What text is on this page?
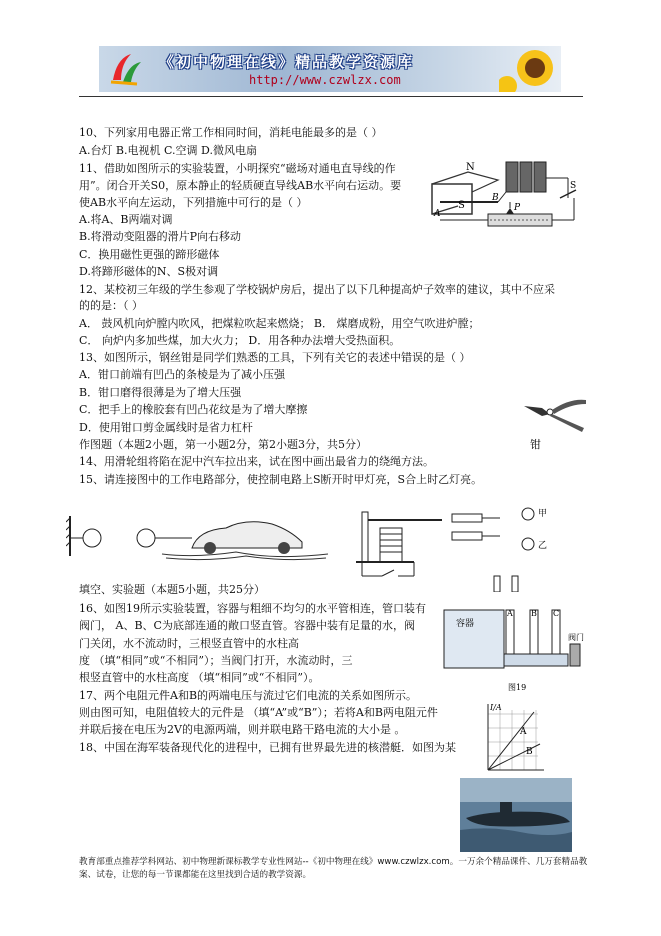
《初中物理在线》精品教学资源库
http://www.czwlzx.com
10、下列家用电器正常工作相同时间，消耗电能最多的是（ ）
A.台灯 B.电视机 C.空调 D.微风电扇
11、借助如图所示的实验装置，小明探究“磁场对通电直导线的作
用”。闭合开关S0，原本静止的轻质硬直导线AB水平向右运动。要
使AB水平向左运动，下列措施中可行的是（ ）
A.将A、B两端对调
B.将滑动变阻器的滑片P向右移动
C．换用磁性更强的蹄形磁体
D.将蹄形磁体的N、S极对调
12、某校初三年级的学生参观了学校锅炉房后，提出了以下几种提高炉子效率的建议，其中不应采
的的是：（ ）
A． 鼓风机向炉膛内吹风，把煤粒吹起来燃烧； B． 煤磨成粉，用空气吹进炉膛；
C． 向炉内多加些煤，加大火力； D．用各种办法增大受热面积。
13、如图所示，钢丝钳是同学们熟悉的工具，下列有关它的表述中错误的是（ ）
A．钳口前端有凹凸的条棱是为了减小压强
B．钳口磨得很薄是为了增大压强
C．把手上的橡胶套有凹凸花纹是为了增大摩擦
D．使用钳口剪金属线时是省力杠杆
作图题（本题2小题，第一小题2分，第2小题3分，共5分）
14、用滑轮组将陷在泥中汽车拉出来，试在图中画出最省力的绕绳方法。
15、请连接图中的工作电路部分，使控制电路上S断开时甲灯亮，S合上时乙灯亮。
填空、实验题（本题5小题，共25分）
16、如图19所示实验装置，容器与粗细不均匀的水平管相连，管口装有
阀门， A、B、C为底部连通的敞口竖直管。容器中装有足量的水，阀
门关闭，水不流动时，三根竖直管中的水柱高
度 （填“相同”或“不相同”）；当阀门打开，水流动时，三
根竖直管中的水柱高度 （填“相同”或“不相同”）。
17、两个电阻元件A和B的两端电压与流过它们电流的关系如图所示。
则由图可知，电阻值较大的元件是 （填“A”或“B”）；若将A和B两电阻元件
并联后接在电压为2V的电源两端，则并联电路干路电流的大小是 。
18、中国在海军装备现代化的进程中，已拥有世界最先进的核潜艇．如图为某
N
S
A
B
P
S
钳
甲
乙
容器
A B C
阀门
图19
I/A
A
B
教育部重点推荐学科网站、初中物理新课标教学专业性网站--《初中物理在线》www.czwlzx.com。一万余个精品课件、几万套精品教案、试卷，让您的每一节课都能在这里找到合适的教学资源。
